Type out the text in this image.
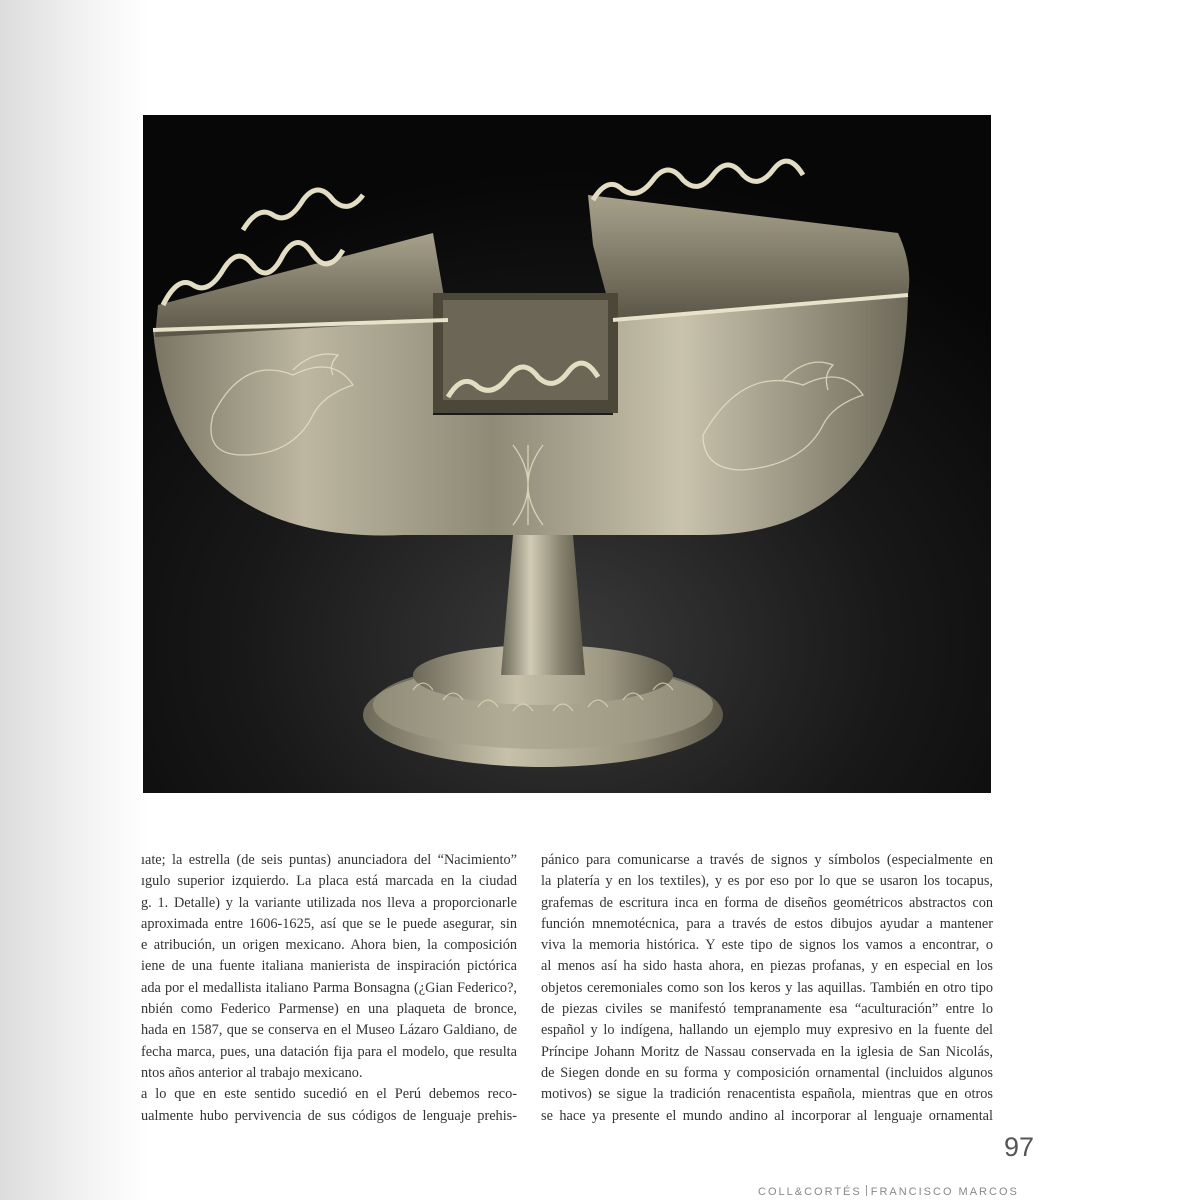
ıate; la estrella (de seis puntas) anunciadora del “Nacimiento”

ıgulo superior izquierdo. La placa está marcada en la ciudad

g. 1. Detalle) y la variante utilizada nos lleva a proporcionarle

aproximada entre 1606-1625, así que se le puede asegurar, sin

e atribución, un origen mexicano. Ahora bien, la composición

iene de una fuente italiana manierista de inspiración pictórica

ada por el medallista italiano Parma Bonsagna (¿Gian Federico?,

nbién como Federico Parmense) en una plaqueta de bronce,

hada en 1587, que se conserva en el Museo Lázaro Galdiano, de

fecha marca, pues, una datación fija para el modelo, que resulta

ntos años anterior al trabajo mexicano.

a lo que en este sentido sucedió en el Perú debemos reco-

ualmente hubo pervivencia de sus códigos de lenguaje prehis-

pánico para comunicarse a través de signos y símbolos (especialmente en

la platería y en los textiles), y es por eso por lo que se usaron los tocapus,

grafemas de escritura inca en forma de diseños geométricos abstractos con

función mnemotécnica, para a través de estos dibujos ayudar a mantener

viva la memoria histórica. Y este tipo de signos los vamos a encontrar, o

al menos así ha sido hasta ahora, en piezas profanas, y en especial en los

objetos ceremoniales como son los keros y las aquillas. También en otro tipo

de piezas civiles se manifestó tempranamente esa “aculturación” entre lo

español y lo indígena, hallando un ejemplo muy expresivo en la fuente del

Príncipe Johann Moritz de Nassau conservada en la iglesia de San Nicolás,

de Siegen donde en su forma y composición ornamental (incluidos algunos

motivos) se sigue la tradición renacentista española, mientras que en otros

se hace ya presente el mundo andino al incorporar al lenguaje ornamental

97
COLL&CORTÉS FRANCISCO MARCOS
